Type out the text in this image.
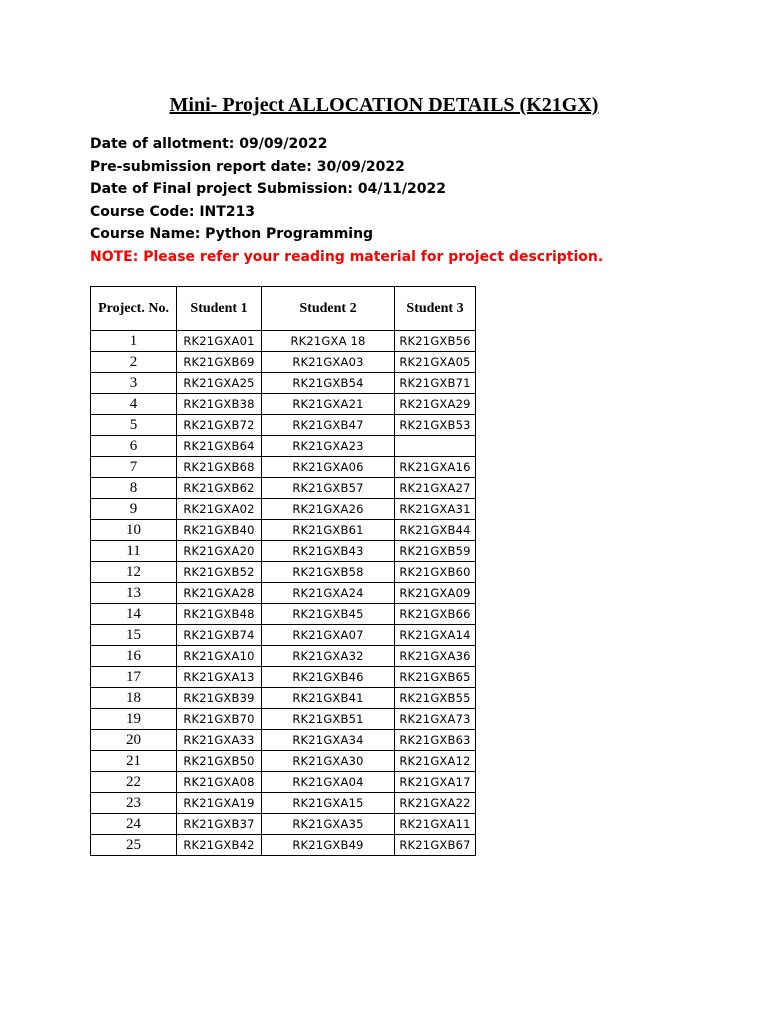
Mini- Project ALLOCATION DETAILS (K21GX)
Date of allotment: 09/09/2022
Pre-submission report date: 30/09/2022
Date of Final project Submission: 04/11/2022
Course Code: INT213
Course Name: Python Programming
NOTE: Please refer your reading material for project description.
Project. No.	Student 1	Student 2	Student 3
1	RK21GXA01	RK21GXA 18	RK21GXB56
2	RK21GXB69	RK21GXA03	RK21GXA05
3	RK21GXA25	RK21GXB54	RK21GXB71
4	RK21GXB38	RK21GXA21	RK21GXA29
5	RK21GXB72	RK21GXB47	RK21GXB53
6	RK21GXB64	RK21GXA23	
7	RK21GXB68	RK21GXA06	RK21GXA16
8	RK21GXB62	RK21GXB57	RK21GXA27
9	RK21GXA02	RK21GXA26	RK21GXA31
10	RK21GXB40	RK21GXB61	RK21GXB44
11	RK21GXA20	RK21GXB43	RK21GXB59
12	RK21GXB52	RK21GXB58	RK21GXB60
13	RK21GXA28	RK21GXA24	RK21GXA09
14	RK21GXB48	RK21GXB45	RK21GXB66
15	RK21GXB74	RK21GXA07	RK21GXA14
16	RK21GXA10	RK21GXA32	RK21GXA36
17	RK21GXA13	RK21GXB46	RK21GXB65
18	RK21GXB39	RK21GXB41	RK21GXB55
19	RK21GXB70	RK21GXB51	RK21GXA73
20	RK21GXA33	RK21GXA34	RK21GXB63
21	RK21GXB50	RK21GXA30	RK21GXA12
22	RK21GXA08	RK21GXA04	RK21GXA17
23	RK21GXA19	RK21GXA15	RK21GXA22
24	RK21GXB37	RK21GXA35	RK21GXA11
25	RK21GXB42	RK21GXB49	RK21GXB67
